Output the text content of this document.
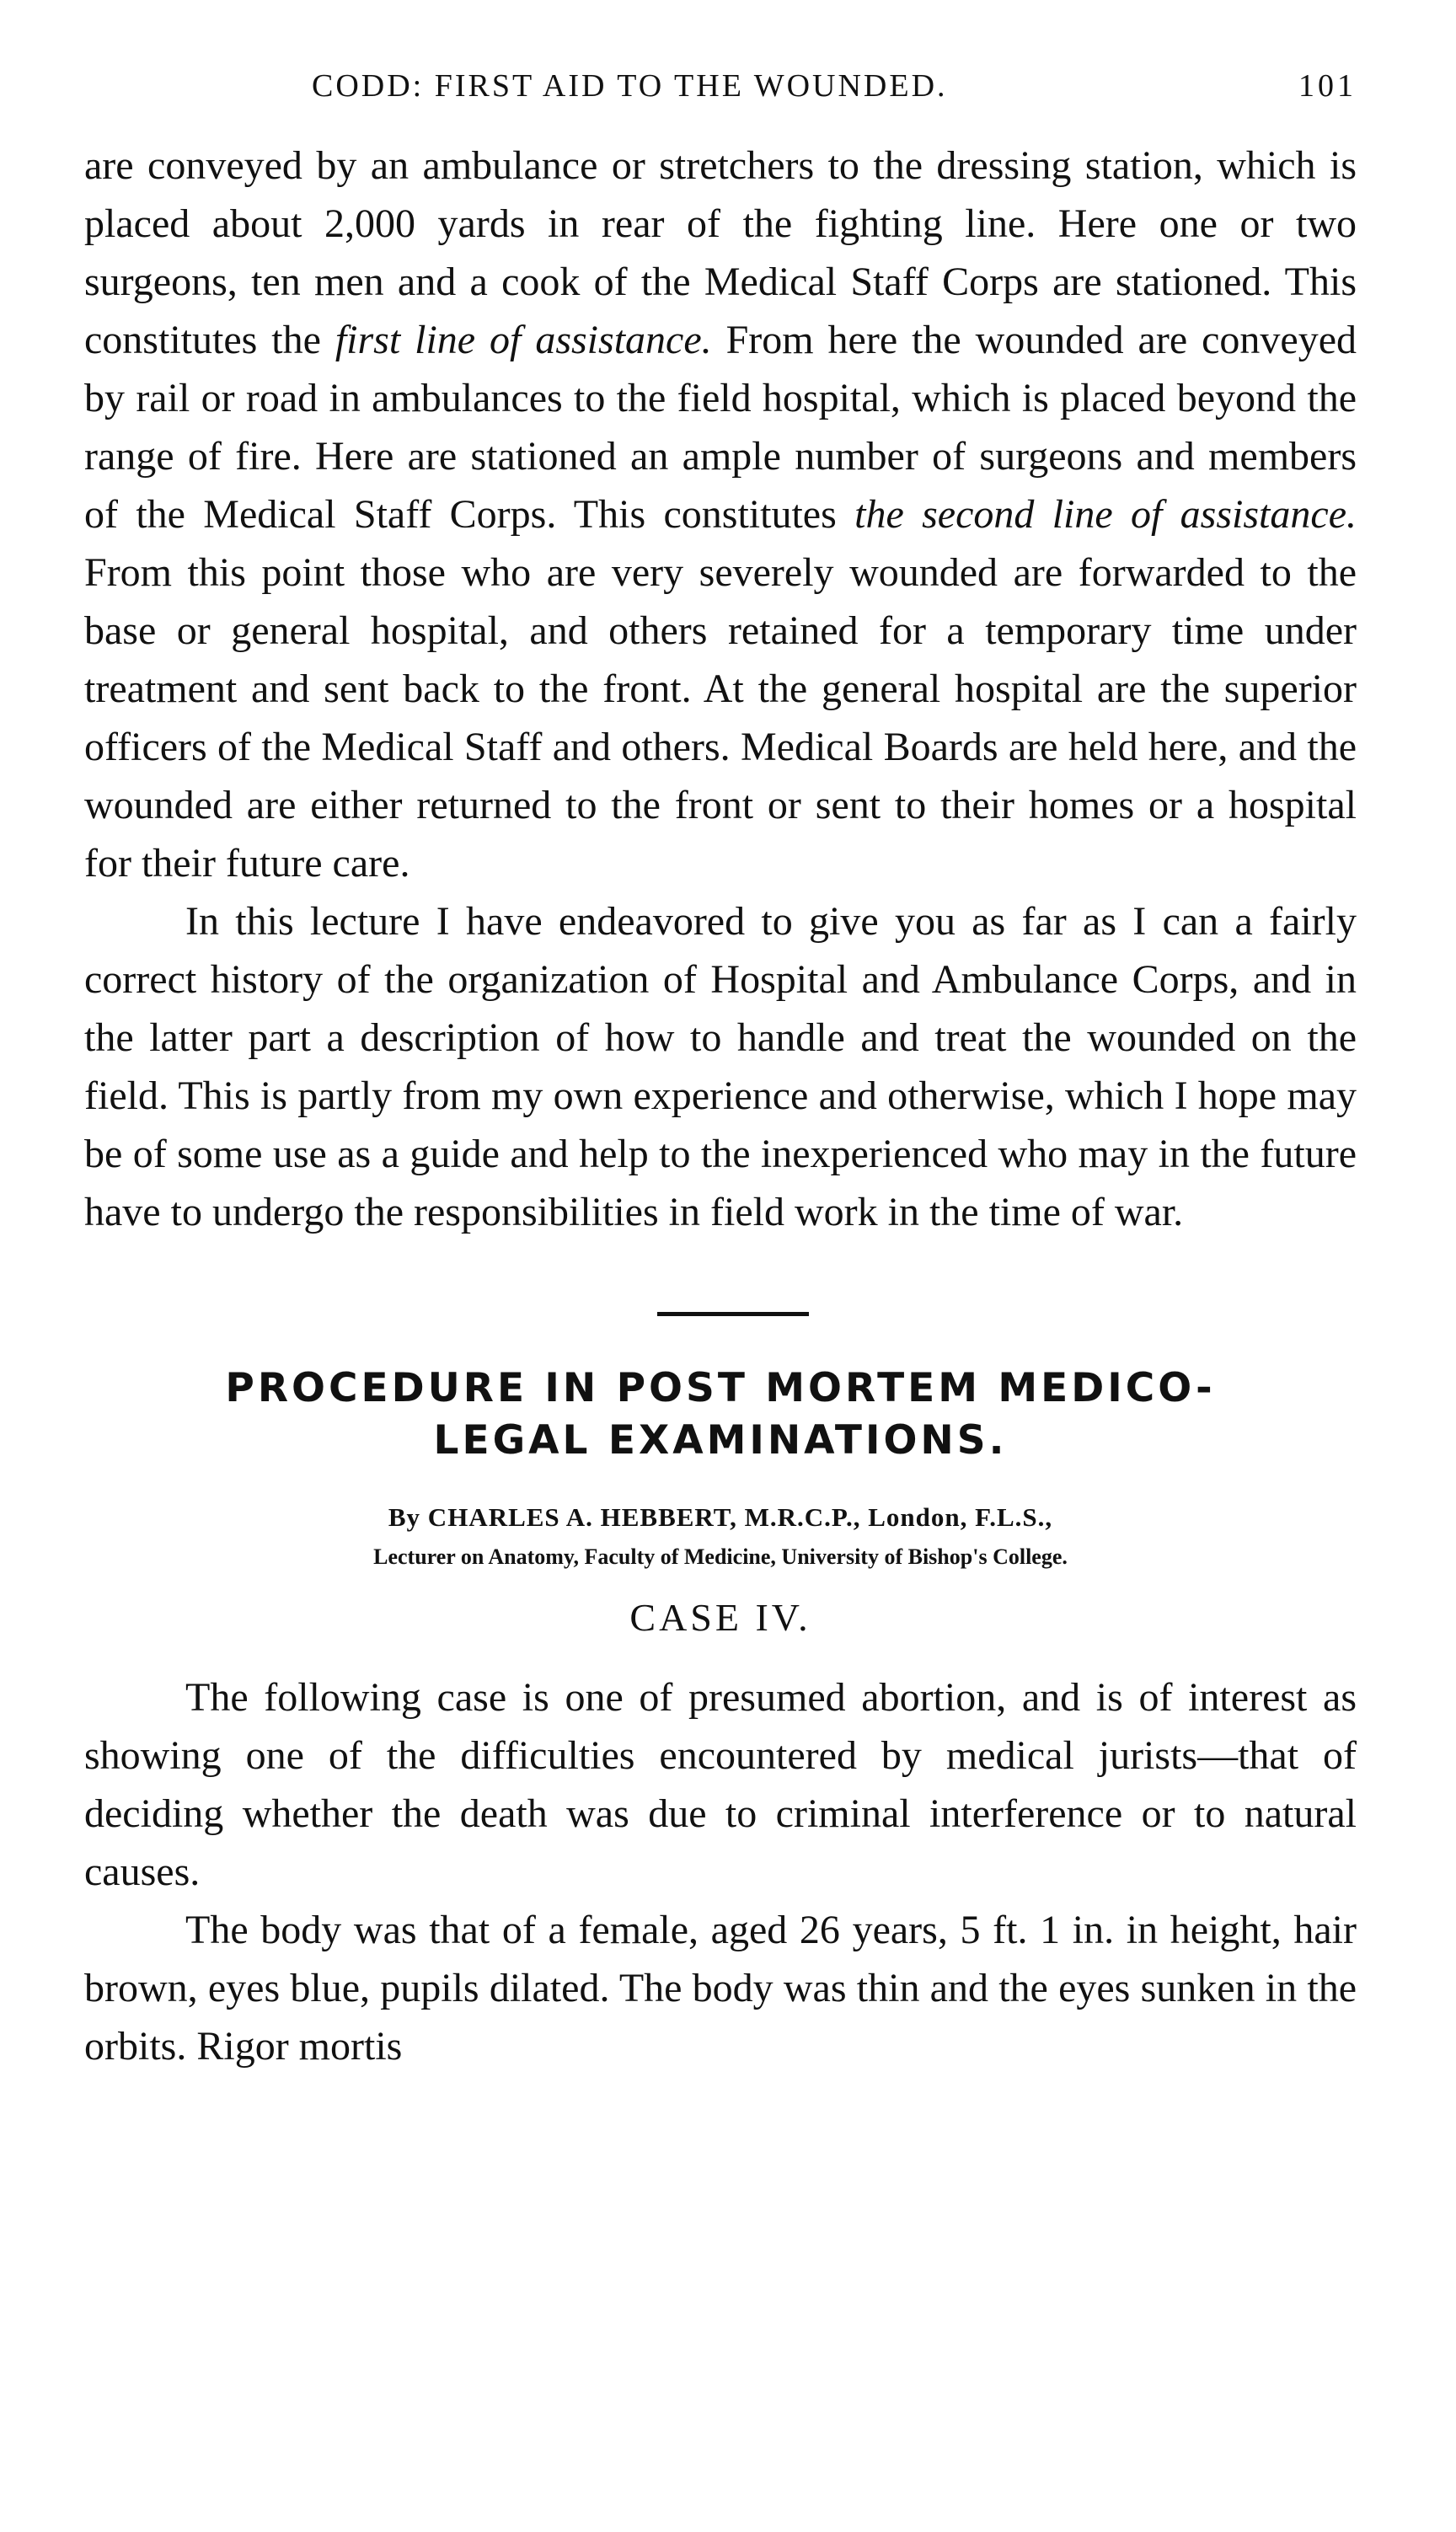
CODD: FIRST AID TO THE WOUNDED.	101

are conveyed by an ambulance or stretchers to the dressing station, which is placed about 2,000 yards in rear of the fighting line. Here one or two surgeons, ten men and a cook of the Medical Staff Corps are stationed. This constitutes the first line of assistance. From here the wounded are conveyed by rail or road in ambulances to the field hospital, which is placed beyond the range of fire. Here are stationed an ample number of surgeons and members of the Medical Staff Corps. This constitutes the second line of assistance. From this point those who are very severely wounded are forwarded to the base or general hospital, and others retained for a temporary time under treatment and sent back to the front. At the general hospital are the superior officers of the Medical Staff and others. Medical Boards are held here, and the wounded are either returned to the front or sent to their homes or a hospital for their future care.

In this lecture I have endeavored to give you as far as I can a fairly correct history of the organization of Hospital and Ambulance Corps, and in the latter part a description of how to handle and treat the wounded on the field. This is partly from my own experience and otherwise, which I hope may be of some use as a guide and help to the inexperienced who may in the future have to undergo the responsibilities in field work in the time of war.

PROCEDURE IN POST MORTEM MEDICO-
LEGAL EXAMINATIONS.
By CHARLES A. HEBBERT, M.R.C.P., London, F.L.S.,
Lecturer on Anatomy, Faculty of Medicine, University of Bishop's College.
CASE IV.

The following case is one of presumed abortion, and is of interest as showing one of the difficulties encountered by medical jurists—that of deciding whether the death was due to criminal interference or to natural causes.

The body was that of a female, aged 26 years, 5 ft. 1 in. in height, hair brown, eyes blue, pupils dilated. The body was thin and the eyes sunken in the orbits. Rigor mortis
